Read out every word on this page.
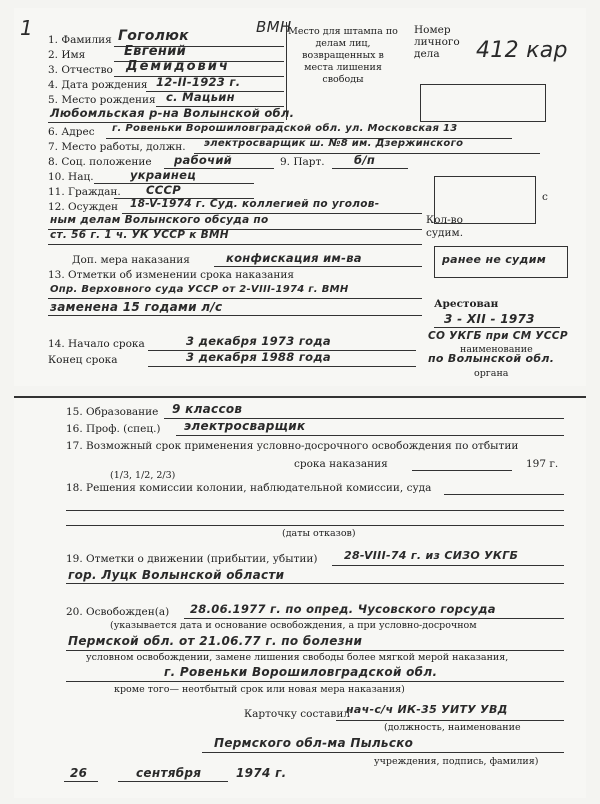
1	ВМН
1. Фамилия Гоголюк
2. Имя	Евгений
3. Отчество Демидович
4. Дата рождения 12-II-1923 г.
5. Место рождения с. Мацьин
Любомльская р-на Волынской обл.
Место для штампа по делам лиц, возвращенных в места лишения свободы
Номер личного дела	412 кар
6. Адрес г. Ровеньки Ворошиловградской обл. ул. Московская 13
7. Место работы, должн. электросварщик ш. №8 им. Дзержинского
8. Соц. положение рабочий	9. Парт.	б/п
с
10. Нац.	украинец
11. Граждан. СССР
12. Осужден 18-V-1974 г. Суд. коллегией по уголов-
ным делам Волынского обсуда по
ст. 56 г. 1 ч. УК УССР к ВМН
Кол-во судим.
ранее не судим
Доп. мера наказания	конфискация им-ва
13. Отметки об изменении срока наказания
Опр. Верховного суда УССР от 2-VIII-1974 г. ВМН
заменена 15 годами л/с	Арестован
3 - XII - 1973
СО УКГБ при СМ УССР
наименование
по Волынской обл.
органа
14. Начало срока	3 декабря 1973 года
Конец срока	3 декабря 1988 года
15. Образование 9 классов
16. Проф. (спец.) электросварщик
17. Возможный срок применения условно-досрочного освобождения по отбытии
срока наказания	197 г.
(1/3, 1/2, 2/3)
18. Решения комиссии колонии, наблюдательной комиссии, суда
(даты отказов)
19. Отметки о движении (прибытии, убытии) 28-VIII-74 г. из СИЗО УКГБ
гор. Луцк Волынской области
20. Освобожден(а) 28.06.1977 г. по опред. Чусовского горсуда
(указывается дата и основание освобождения, а при условно-досрочном
Пермской обл. от 21.06.77 г. по болезни
условном освобождении, замене лишения свободы более мягкой мерой наказания,
г. Ровеньки Ворошиловградской обл.
кроме того— неотбытый срок или новая мера наказания)
Карточку составил
нач-с/ч ИК-35 УИТУ УВД
(должность, наименование
Пермского обл-ма Пыльско
учреждения, подпись, фамилия)
26	сентября	1974 г.
